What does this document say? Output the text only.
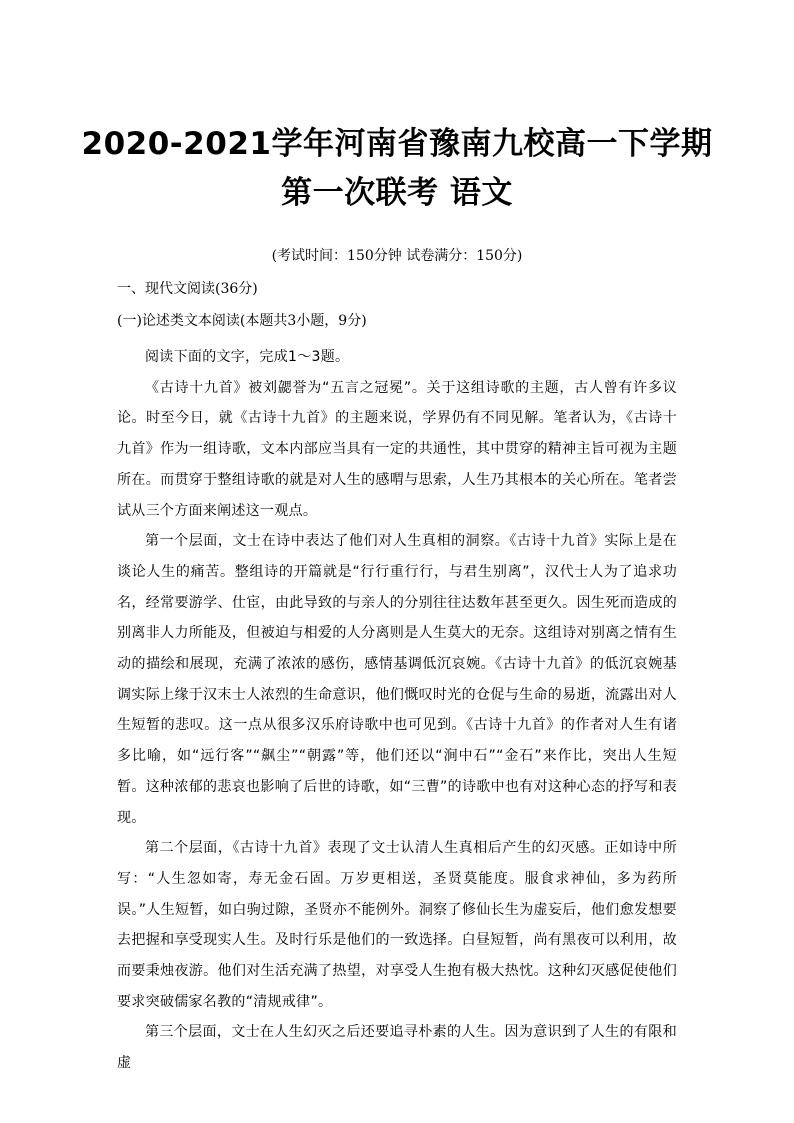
2020-2021学年河南省豫南九校高一下学期
第一次联考 语文
(考试时间：150分钟 试卷满分：150分)
一、现代文阅读(36分)
(一)论述类文本阅读(本题共3小题，9分)

阅读下面的文字，完成1～3题。

《古诗十九首》被刘勰誉为“五言之冠冕”。关于这组诗歌的主题，古人曾有许多议论。时至今日，就《古诗十九首》的主题来说，学界仍有不同见解。笔者认为，《古诗十九首》作为一组诗歌，文本内部应当具有一定的共通性，其中贯穿的精神主旨可视为主题所在。而贯穿于整组诗歌的就是对人生的感喟与思索，人生乃其根本的关心所在。笔者尝试从三个方面来阐述这一观点。

第一个层面，文士在诗中表达了他们对人生真相的洞察。《古诗十九首》实际上是在谈论人生的痛苦。整组诗的开篇就是“行行重行行，与君生别离”，汉代士人为了追求功名，经常要游学、仕宦，由此导致的与亲人的分别往往达数年甚至更久。因生死而造成的别离非人力所能及，但被迫与相爱的人分离则是人生莫大的无奈。这组诗对别离之情有生动的描绘和展现，充满了浓浓的感伤，感情基调低沉哀婉。《古诗十九首》的低沉哀婉基调实际上缘于汉末士人浓烈的生命意识，他们慨叹时光的仓促与生命的易逝，流露出对人生短暂的悲叹。这一点从很多汉乐府诗歌中也可见到。《古诗十九首》的作者对人生有诸多比喻，如“远行客”“飙尘”“朝露”等，他们还以“涧中石”“金石”来作比，突出人生短暂。这种浓郁的悲哀也影响了后世的诗歌，如“三曹”的诗歌中也有对这种心态的抒写和表现。

第二个层面，《古诗十九首》表现了文士认清人生真相后产生的幻灭感。正如诗中所写：“人生忽如寄，寿无金石固。万岁更相送，圣贤莫能度。服食求神仙，多为药所误。”人生短暂，如白驹过隙，圣贤亦不能例外。洞察了修仙长生为虚妄后，他们愈发想要去把握和享受现实人生。及时行乐是他们的一致选择。白昼短暂，尚有黑夜可以利用，故而要秉烛夜游。他们对生活充满了热望，对享受人生抱有极大热忱。这种幻灭感促使他们要求突破儒家名教的“清规戒律”。

第三个层面，文士在人生幻灭之后还要追寻朴素的人生。因为意识到了人生的有限和虚
